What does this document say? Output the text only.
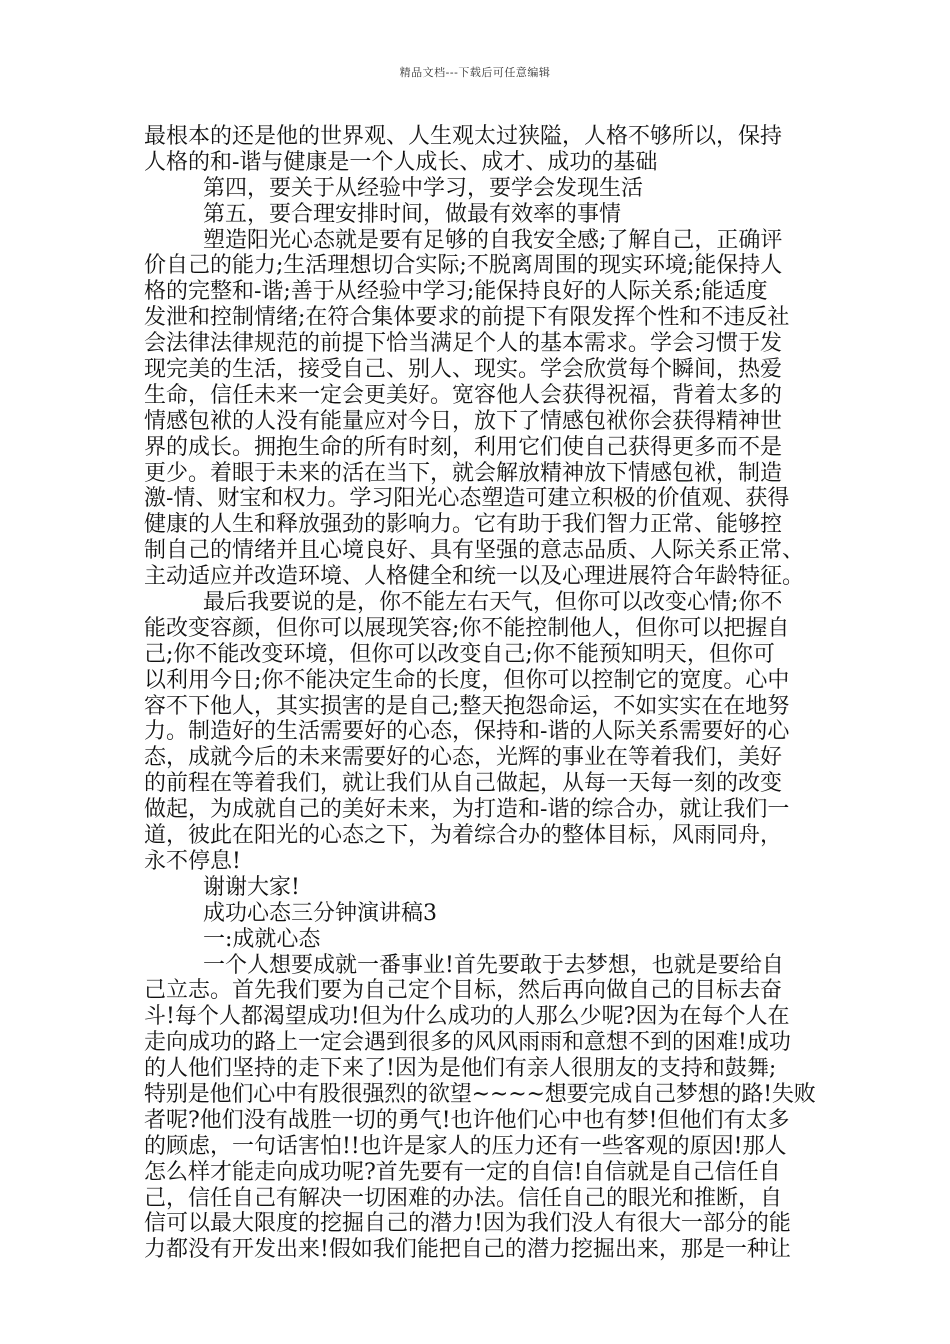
精品文档---下载后可任意编辑
最根本的还是他的世界观、人生观太过狭隘，人格不够所以，保持
人格的和-谐与健康是一个人成长、成才、成功的基础
第四，要关于从经验中学习，要学会发现生活
第五，要合理安排时间，做最有效率的事情
塑造阳光心态就是要有足够的自我安全感;了解自己，正确评
价自己的能力;生活理想切合实际;不脱离周围的现实环境;能保持人
格的完整和-谐;善于从经验中学习;能保持良好的人际关系;能适度
发泄和控制情绪;在符合集体要求的前提下有限发挥个性和不违反社
会法律法律规范的前提下恰当满足个人的基本需求。学会习惯于发
现完美的生活，接受自己、别人、现实。学会欣赏每个瞬间，热爱
生命，信任未来一定会更美好。宽容他人会获得祝福，背着太多的
情感包袱的人没有能量应对今日，放下了情感包袱你会获得精神世
界的成长。拥抱生命的所有时刻，利用它们使自己获得更多而不是
更少。着眼于未来的活在当下，就会解放精神放下情感包袱，制造
激-情、财宝和权力。学习阳光心态塑造可建立积极的价值观、获得
健康的人生和释放强劲的影响力。它有助于我们智力正常、能够控
制自己的情绪并且心境良好、具有坚强的意志品质、人际关系正常、
主动适应并改造环境、人格健全和统一以及心理进展符合年龄特征。
最后我要说的是，你不能左右天气，但你可以改变心情;你不
能改变容颜，但你可以展现笑容;你不能控制他人，但你可以把握自
己;你不能改变环境，但你可以改变自己;你不能预知明天，但你可
以利用今日;你不能决定生命的长度，但你可以控制它的宽度。心中
容不下他人，其实损害的是自己;整天抱怨命运，不如实实在在地努
力。制造好的生活需要好的心态，保持和-谐的人际关系需要好的心
态，成就今后的未来需要好的心态，光辉的事业在等着我们，美好
的前程在等着我们，就让我们从自己做起，从每一天每一刻的改变
做起，为成就自己的美好未来，为打造和-谐的综合办，就让我们一
道，彼此在阳光的心态之下，为着综合办的整体目标，风雨同舟，
永不停息!
谢谢大家!
成功心态三分钟演讲稿3
一:成就心态
一个人想要成就一番事业!首先要敢于去梦想，也就是要给自
己立志。首先我们要为自己定个目标，然后再向做自己的目标去奋
斗!每个人都渴望成功!但为什么成功的人那么少呢?因为在每个人在
走向成功的路上一定会遇到很多的风风雨雨和意想不到的困难!成功
的人他们坚持的走下来了!因为是他们有亲人很朋友的支持和鼓舞;
特别是他们心中有股很强烈的欲望~~~~想要完成自己梦想的路!失败
者呢?他们没有战胜一切的勇气!也许他们心中也有梦!但他们有太多
的顾虑，一句话害怕!!也许是家人的压力还有一些客观的原因!那人
怎么样才能走向成功呢?首先要有一定的自信!自信就是自己信任自
己，信任自己有解决一切困难的办法。信任自己的眼光和推断，自
信可以最大限度的挖掘自己的潜力!因为我们没人有很大一部分的能
力都没有开发出来!假如我们能把自己的潜力挖掘出来，那是一种让
